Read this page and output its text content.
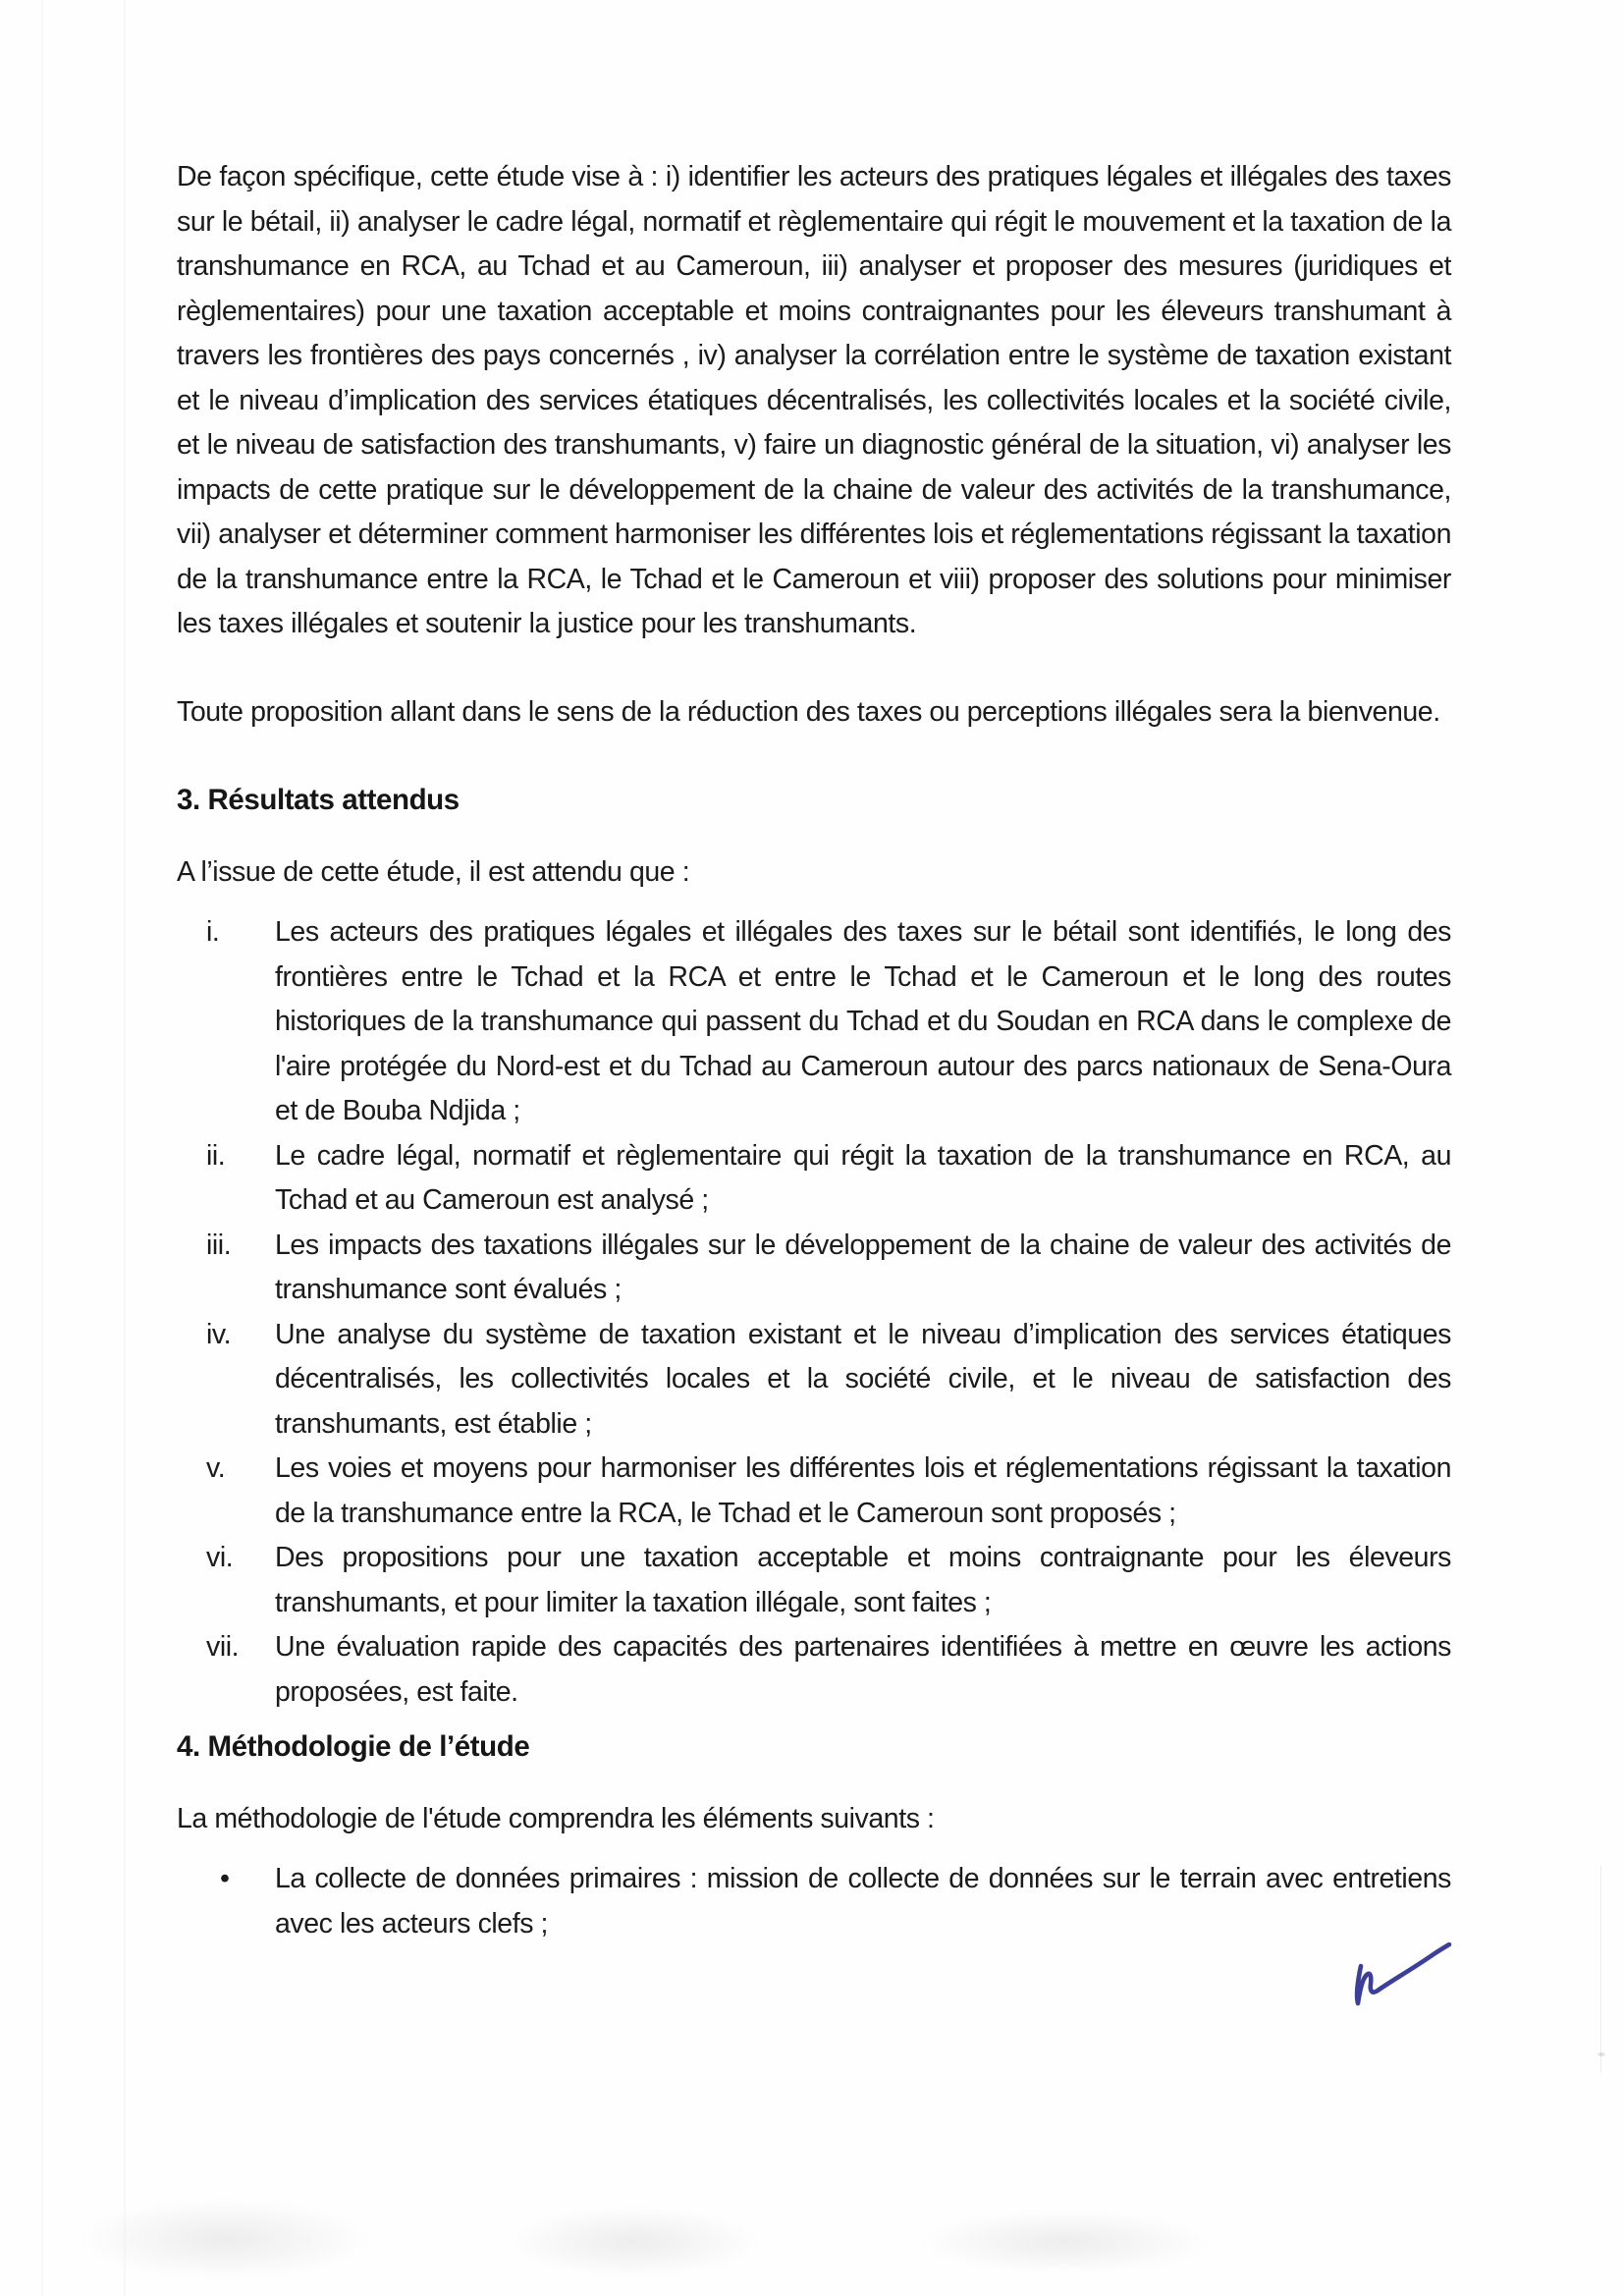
De façon spécifique, cette étude vise à : i) identifier les acteurs des pratiques légales et illégales des taxes sur le bétail, ii) analyser le cadre légal, normatif et règlementaire qui régit le mouvement et la taxation de la transhumance en RCA, au Tchad et au Cameroun, iii) analyser et proposer des mesures (juridiques et règlementaires) pour une taxation acceptable et moins contraignantes pour les éleveurs transhumant à travers les frontières des pays concernés , iv) analyser la corrélation entre le système de taxation existant et le niveau d’implication des services étatiques décentralisés, les collectivités locales et la société civile, et le niveau de satisfaction des transhumants, v) faire un diagnostic général de la situation, vi) analyser les impacts de cette pratique sur le développement de la chaine de valeur des activités de la transhumance, vii) analyser et déterminer comment harmoniser les différentes lois et réglementations régissant la taxation de la transhumance entre la RCA, le Tchad et le Cameroun et viii) proposer des solutions pour minimiser les taxes illégales et soutenir la justice pour les transhumants.

Toute proposition allant dans le sens de la réduction des taxes ou perceptions illégales sera la bienvenue.

3. Résultats attendus

A l’issue de cette étude, il est attendu que :

i.	Les acteurs des pratiques légales et illégales des taxes sur le bétail sont identifiés, le long des frontières entre le Tchad et la RCA et entre le Tchad et le Cameroun et le long des routes historiques de la transhumance qui passent du Tchad et du Soudan en RCA dans le complexe de l'aire protégée du Nord-est et du Tchad au Cameroun autour des parcs nationaux de Sena-Oura et de Bouba Ndjida ;
ii.	Le cadre légal, normatif et règlementaire qui régit la taxation de la transhumance en RCA, au Tchad et au Cameroun est analysé ;
iii.	Les impacts des taxations illégales sur le développement de la chaine de valeur des activités de transhumance sont évalués ;
iv.	Une analyse du système de taxation existant et le niveau d’implication des services étatiques décentralisés, les collectivités locales et la société civile, et le niveau de satisfaction des transhumants, est établie ;
v.	Les voies et moyens pour harmoniser les différentes lois et réglementations régissant la taxation de la transhumance entre la RCA, le Tchad et le Cameroun sont proposés ;
vi.	Des propositions pour une taxation acceptable et moins contraignante pour les éleveurs transhumants, et pour limiter la taxation illégale, sont faites ;
vii.	Une évaluation rapide des capacités des partenaires identifiées à mettre en œuvre les actions proposées, est faite.
4. Méthodologie de l’étude

La méthodologie de l'étude comprendra les éléments suivants :

•	La collecte de données primaires : mission de collecte de données sur le terrain avec entretiens avec les acteurs clefs ;
